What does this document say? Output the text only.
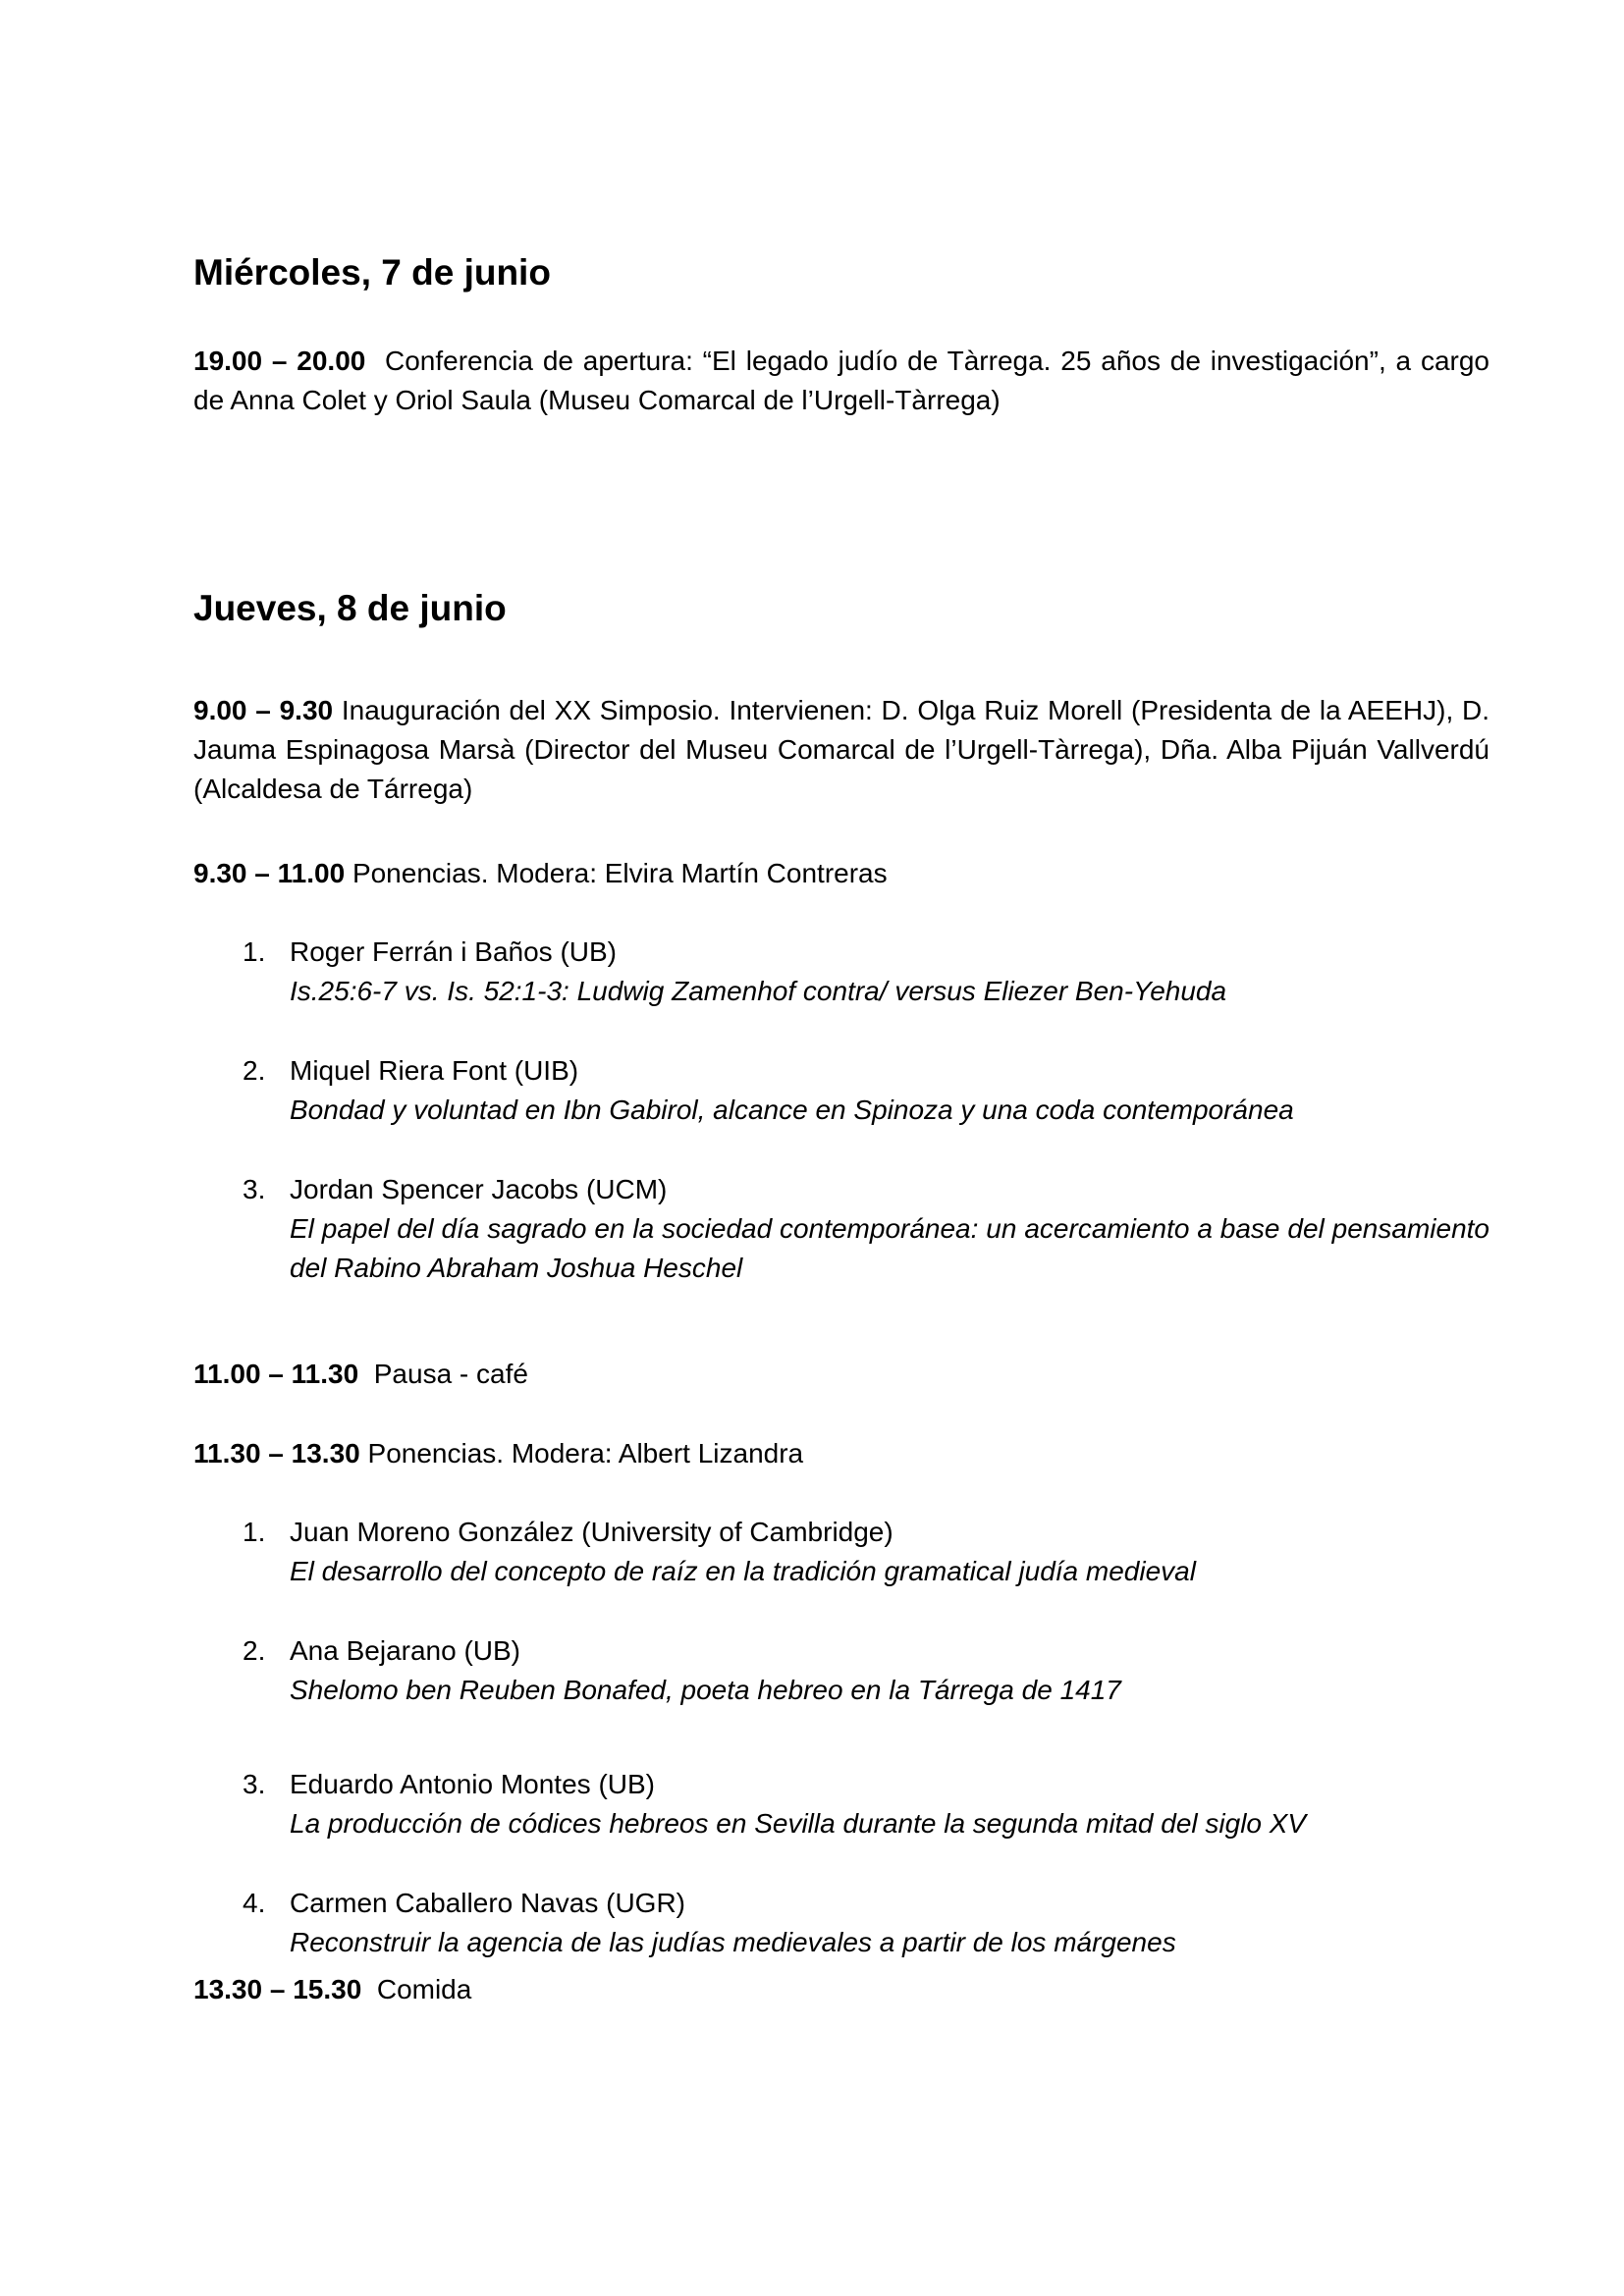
Miércoles, 7 de junio
19.00 – 20.00 Conferencia de apertura: “El legado judío de Tàrrega. 25 años de investigación”, a cargo de Anna Colet y Oriol Saula (Museu Comarcal de l’Urgell-Tàrrega)
Jueves, 8 de junio
9.00 – 9.30 Inauguración del XX Simposio. Intervienen: D. Olga Ruiz Morell (Presidenta de la AEEHJ), D. Jauma Espinagosa Marsà (Director del Museu Comarcal de l’Urgell-Tàrrega), Dña. Alba Pijuán Vallverdú (Alcaldesa de Tárrega)
9.30 – 11.00 Ponencias. Moderа: Elvira Martín Contreras
1. Roger Ferrán i Baños (UB)
Is.25:6-7 vs. Is. 52:1-3: Ludwig Zamenhof contra/ versus Eliezer Ben-Yehuda
2. Miquel Riera Font (UIB)
Bondad y voluntad en Ibn Gabirol, alcance en Spinoza y una coda contemporánea
3. Jordan Spencer Jacobs (UCM)
El papel del día sagrado en la sociedad contemporánea: un acercamiento a base del pensamiento del Rabino Abraham Joshua Heschel
11.00 – 11.30 Pausa - café
11.30 – 13.30 Ponencias. Modera: Albert Lizandra
1. Juan Moreno González (University of Cambridge)
El desarrollo del concepto de raíz en la tradición gramatical judía medieval
2. Ana Bejarano (UB)
Shelomo ben Reuben Bonafed, poeta hebreo en la Tárrega de 1417
3. Eduardo Antonio Montes (UB)
La producción de códices hebreos en Sevilla durante la segunda mitad del siglo XV
4. Carmen Caballero Navas (UGR)
Reconstruir la agencia de las judías medievales a partir de los márgenes
13.30 – 15.30 Comida
